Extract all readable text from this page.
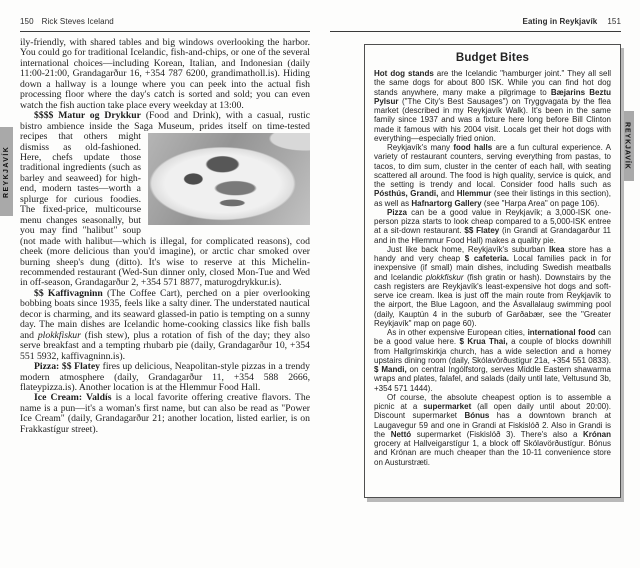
150 Rick Steves Iceland
REYKJAVÍK

ily-friendly, with shared tables and big windows overlooking the harbor. You could go for traditional Icelandic, fish-and-chips, or one of the several international choices—including Korean, Italian, and Indonesian (daily 11:00-21:00, Grandagarður 16, +354 787 6200, grandimatholl.is). Hiding down a hallway is a lounge where you can peek into the actual fish processing floor where the day's catch is sorted and sold; you can even watch the fish auction take place every weekday at 13:00.

$$$$ Matur og Drykkur (Food and Drink), with a casual, rustic bistro ambience inside the Saga Museum, prides itself on
time-tested recipes that others might dismiss as old-fashioned. Here, chefs update those traditional ingredients (such as barley and seaweed) for high-end, modern tastes—worth a splurge for curious foodies. The fixed-price, multicourse menu changes seasonally, but you may find "halibut" soup (not made with halibut—which is illegal, for complicated reasons), cod cheek (more delicious than you'd imagine), or arctic char smoked over burning sheep's dung (ditto). It's wise to reserve at this Michelin-recommended restaurant (Wed-Sun dinner only, closed Mon-Tue and Wed in off-season, Grandagarður 2, +354 571 8877, maturogdrykkur.is).

$$ Kaffivagninn (The Coffee Cart), perched on a pier overlooking bobbing boats since 1935, feels like a salty diner. The understated nautical decor is charming, and its seaward glassed-in patio is tempting on a sunny day. The main dishes are Icelandic home-cooking classics like fish balls and plokkfiskur (fish stew), plus a rotation of fish of the day; they also serve breakfast and a tempting rhubarb pie (daily, Grandagarður 10, +354 551 5932, kaffivagninn.is).

Pizza: $$ Flatey fires up delicious, Neapolitan-style pizzas in a trendy modern atmosphere (daily, Grandagarður 11, +354 588 2666, flateypizza.is). Another location is at the Hlemmur Food Hall.

Ice Cream: Valdís is a local favorite offering creative flavors. The name is a pun—it's a woman's first name, but can also be read as "Power Ice Cream" (daily, Grandagarður 21; another location, listed earlier, is on Frakkastígur street).

Eating in Reykjavík 151
REYKJAVÍK
Budget Bites

Hot dog stands are the Icelandic "hamburger joint." They all sell the same dogs for about 800 ISK. While you can find hot dog stands anywhere, many make a pilgrimage to Bæjarins Beztu Pylsur ("The City's Best Sausages") on Tryggvagata by the flea market (described in my Reykjavík Walk). It's been in the same family since 1937 and was a fixture here long before Bill Clinton made it famous with his 2004 visit. Locals get their hot dogs with everything—especially fried onion.

Reykjavík's many food halls are a fun cultural experience. A variety of restaurant counters, serving everything from pastas, to tacos, to dim sum, cluster in the center of each hall, with seating scattered all around. The food is high quality, service is quick, and the setting is trendy and local. Consider food halls such as Pósthús, Grandi, and Hlemmur (see their listings in this section), as well as Hafnartorg Gallery (see "Harpa Area" on page 106).

Pizza can be a good value in Reykjavík; a 3,000-ISK one-person pizza starts to look cheap compared to a 5,000-ISK entree at a sit-down restaurant. $$ Flatey (in Grandi at Grandagarður 11 and in the Hlemmur Food Hall) makes a quality pie.

Just like back home, Reykjavík's suburban Ikea store has a handy and very cheap $ cafeteria. Local families pack in for inexpensive (if small) main dishes, including Swedish meatballs and Icelandic plokkfiskur (fish gratin or hash). Downstairs by the cash registers are Reykjavík's least-expensive hot dogs and soft-serve ice cream. Ikea is just off the main route from Reykjavík to the airport, the Blue Lagoon, and the Ásvallalaug swimming pool (daily, Kauptún 4 in the suburb of Garðabær, see the "Greater Reykjavík" map on page 60).

As in other expensive European cities, international food can be a good value here. $ Krua Thai, a couple of blocks downhill from Hallgrímskirkja church, has a wide selection and a homey upstairs dining room (daily, Skólavörðustígur 21a, +354 551 0833). $ Mandi, on central Ingólfstorg, serves Middle Eastern shawarma wraps and plates, falafel, and salads (daily until late, Veltusund 3b, +354 571 1444).

Of course, the absolute cheapest option is to assemble a picnic at a supermarket (all open daily until about 20:00). Discount supermarket Bónus has a downtown branch at Laugavegur 59 and one in Grandi at Fiskislóð 2. Also in Grandi is the Nettó supermarket (Fiskislóð 3). There's also a Krónan grocery at Hallveigarstígur 1, a block off Skólavörðustígur. Bónus and Krónan are much cheaper than the 10-11 convenience store on Austurstræti.
